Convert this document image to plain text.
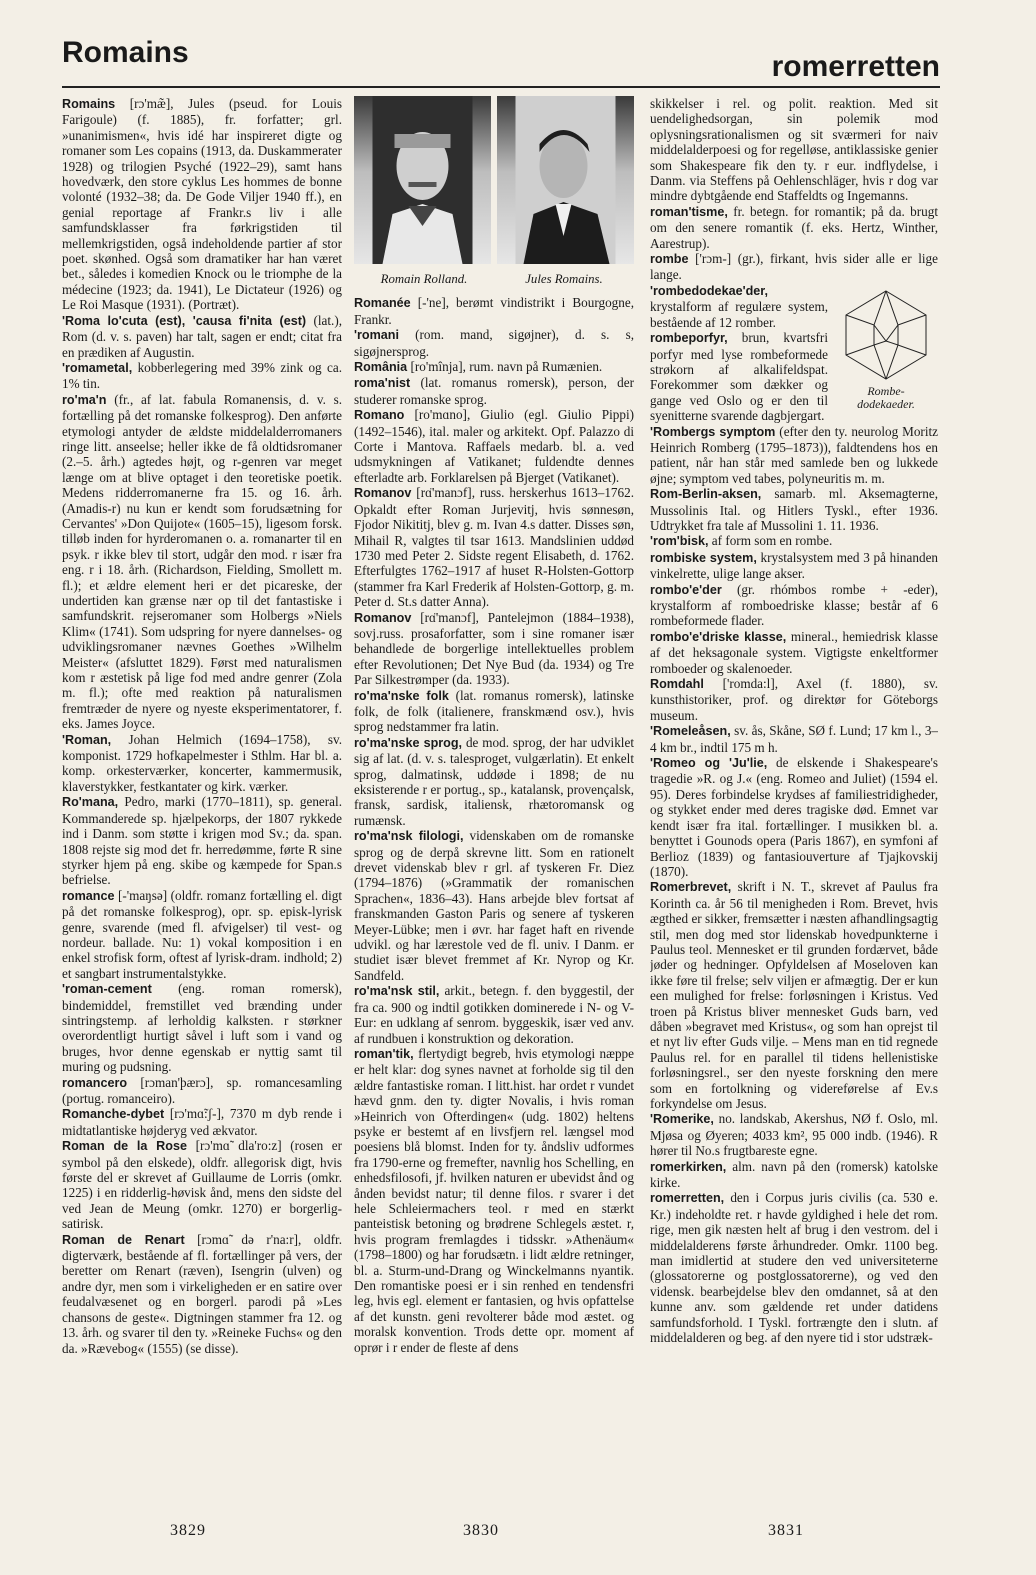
Romains	romerretten

Romains [rɔ'mæ̃], Jules (pseud. for Louis Farigoule) (f. 1885), fr. forfatter; grl. »unanimismen«, hvis idé har inspireret digte og romaner som Les copains (1913, da. Duskammerater 1928) og trilogien Psyché (1922–29), samt hans hovedværk, den store cyklus Les hommes de bonne volonté (1932–38; da. De Gode Viljer 1940 ff.), en genial reportage af Frankr.s liv i alle samfundsklasser fra førkrigstiden til mellemkrigstiden, også indeholdende partier af stor poet. skønhed. Også som dramatiker har han været bet., således i komedien Knock ou le triomphe de la médecine (1923; da. 1941), Le Dictateur (1926) og Le Roi Masque (1931). (Portræt).

'Roma lo'cuta (est), 'causa fi'nita (est) (lat.), Rom (d. v. s. paven) har talt, sagen er endt; citat fra en prædiken af Augustin.

'romametal, kobberlegering med 39% zink og ca. 1% tin.

ro'ma'n (fr., af lat. fabula Romanensis, d. v. s. fortælling på det romanske folkesprog). Den anførte etymologi antyder de ældste middelalderromaners ringe litt. anseelse; heller ikke de få oldtidsromaner (2.–5. årh.) agtedes højt, og r-genren var meget længe om at blive optaget i den teoretiske poetik. Medens ridderromanerne fra 15. og 16. årh. (Amadis-r) nu kun er kendt som forudsætning for Cervantes' »Don Quijote« (1605–15), ligesom forsk. tilløb inden for hyrderomanen o. a. romanarter til en psyk. r ikke blev til stort, udgår den mod. r især fra eng. r i 18. årh. (Richardson, Fielding, Smollett m. fl.); et ældre element heri er det picareske, der undertiden kan grænse nær op til det fantastiske i samfundskrit. rejseromaner som Holbergs »Niels Klim« (1741). Som udspring for nyere dannelses- og udviklingsromaner nævnes Goethes »Wilhelm Meister« (afsluttet 1829). Først med naturalismen kom r æstetisk på lige fod med andre genrer (Zola m. fl.); ofte med reaktion på naturalismen fremtræder de nyere og nyeste eksperimentatorer, f. eks. James Joyce.

'Roman, Johan Helmich (1694–1758), sv. komponist. 1729 hofkapelmester i Sthlm. Har bl. a. komp. orkesterværker, koncerter, kammermusik, klaverstykker, festkantater og kirk. værker.

Ro'mana, Pedro, marki (1770–1811), sp. general. Kommanderede sp. hjælpekorps, der 1807 rykkede ind i Danm. som støtte i krigen mod Sv.; da. span. 1808 rejste sig mod det fr. herredømme, førte R sine styrker hjem på eng. skibe og kæmpede for Span.s befrielse.

romance [-'maŋsə] (oldfr. romanz fortælling el. digt på det romanske folkesprog), opr. sp. episk-lyrisk genre, svarende (med fl. afvigelser) til vest- og nordeur. ballade. Nu: 1) vokal komposition i en enkel strofisk form, oftest af lyrisk-dram. indhold; 2) et sangbart instrumentalstykke.

'roman-cement (eng. roman romersk), bindemiddel, fremstillet ved brænding under sintringstemp. af lerholdig kalksten. r størkner overordentligt hurtigt såvel i luft som i vand og bruges, hvor denne egenskab er nyttig samt til muring og pudsning.

romancero [rɔman'þærɔ], sp. romancesamling (portug. romanceiro).

Romanche-dybet [rɔ'mɑ̃:ʃ-], 7370 m dyb rende i midtatlantiske højderyg ved ækvator.

Roman de la Rose [rɔ'mɑ̃ dla'ro:z] (rosen er symbol på den elskede), oldfr. allegorisk digt, hvis første del er skrevet af Guillaume de Lorris (omkr. 1225) i en ridderlig-høvisk ånd, mens den sidste del ved Jean de Meung (omkr. 1270) er borgerlig-satirisk.

Roman de Renart [rɔmɑ̃ də r'na:r], oldfr. digterværk, bestående af fl. fortællinger på vers, der beretter om Renart (ræven), Isengrin (ulven) og andre dyr, men som i virkeligheden er en satire over feudalvæsenet og en borgerl. parodi på »Les chansons de geste«. Digtningen stammer fra 12. og 13. årh. og svarer til den ty. »Reineke Fuchs« og den da. »Rævebog« (1555) (se disse).

Romain Rolland.	Jules Romains.

Romanée [-'ne], berømt vindistrikt i Bourgogne, Frankr.

'romani (rom. mand, sigøjner), d. s. s, sigøjnersprog.

România [ro'mînja], rum. navn på Rumænien.

roma'nist (lat. romanus romersk), person, der studerer romanske sprog.

Romano [ro'mɑno], Giulio (egl. Giulio Pippi) (1492–1546), ital. maler og arkitekt. Opf. Palazzo di Corte i Mantova. Raffaels medarb. bl. a. ved udsmykningen af Vatikanet; fuldendte dennes efterladte arb. Forklarelsen på Bjerget (Vatikanet).

Romanov [rɑ̈'manɔf], russ. herskerhus 1613–1762. Opkaldt efter Roman Jurjevitj, hvis sønnesøn, Fjodor Nikititj, blev g. m. Ivan 4.s datter. Disses søn, Mihail R, valgtes til tsar 1613. Mandslinien uddød 1730 med Peter 2. Sidste regent Elisabeth, d. 1762. Efterfulgtes 1762–1917 af huset R-Holsten-Gottorp (stammer fra Karl Frederik af Holsten-Gottorp, g. m. Peter d. St.s datter Anna).

Romanov [rɑ̈'manɔf], Pantelejmon (1884–1938), sovj.russ. prosaforfatter, som i sine romaner især behandlede de borgerlige intellektuelles problem efter Revolutionen; Det Nye Bud (da. 1934) og Tre Par Silkestrømper (da. 1933).

ro'ma'nske folk (lat. romanus romersk), latinske folk, de folk (italienere, franskmænd osv.), hvis sprog nedstammer fra latin.

ro'ma'nske sprog, de mod. sprog, der har udviklet sig af lat. (d. v. s. talesproget, vulgærlatin). Et enkelt sprog, dalmatinsk, uddøde i 1898; de nu eksisterende r er portug., sp., katalansk, provençalsk, fransk, sardisk, italiensk, rhætoromansk og rumænsk.

ro'ma'nsk filologi, videnskaben om de romanske sprog og de derpå skrevne litt. Som en rationelt drevet videnskab blev r grl. af tyskeren Fr. Diez (1794–1876) (»Grammatik der romanischen Sprachen«, 1836–43). Hans arbejde blev fortsat af franskmanden Gaston Paris og senere af tyskeren Meyer-Lübke; men i øvr. har faget haft en rivende udvikl. og har lærestole ved de fl. univ. I Danm. er studiet især blevet fremmet af Kr. Nyrop og Kr. Sandfeld.

ro'ma'nsk stil, arkit., betegn. f. den byggestil, der fra ca. 900 og indtil gotikken dominerede i N- og V-Eur: en udklang af senrom. byggeskik, især ved anv. af rundbuen i konstruktion og dekoration.

roman'tik, flertydigt begreb, hvis etymologi næppe er helt klar: dog synes navnet at forholde sig til den ældre fantastiske roman. I litt.hist. har ordet r vundet hævd gnm. den ty. digter Novalis, i hvis roman »Heinrich von Ofterdingen« (udg. 1802) heltens psyke er bestemt af en livsfjern rel. længsel mod poesiens blå blomst. Inden for ty. åndsliv udformes fra 1790-erne og fremefter, navnlig hos Schelling, en enhedsfilosofi, jf. hvilken naturen er ubevidst ånd og ånden bevidst natur; til denne filos. r svarer i det hele Schleiermachers teol. r med en stærkt panteistisk betoning og brødrene Schlegels æstet. r, hvis program fremlagdes i tidsskr. »Athenäum« (1798–1800) og har forudsætn. i lidt ældre retninger, bl. a. Sturm-und-Drang og Winckelmanns nyantik. Den romantiske poesi er i sin renhed en tendensfri leg, hvis egl. element er fantasien, og hvis opfattelse af det kunstn. geni revolterer både mod æstet. og moralsk konvention. Trods dette opr. moment af oprør i r ender de fleste af dens

skikkelser i rel. og polit. reaktion. Med sit uendelighedsorgan, sin polemik mod oplysningsrationalismen og sit sværmeri for naiv middelalderpoesi og for regelløse, antiklassiske genier som Shakespeare fik den ty. r eur. indflydelse, i Danm. via Steffens på Oehlenschläger, hvis r dog var mindre dybtgående end Staffeldts og Ingemanns.

roman'tisme, fr. betegn. for romantik; på da. brugt om den senere romantik (f. eks. Hertz, Winther, Aarestrup).

rombe ['rɔm-] (gr.), firkant, hvis sider alle er lige lange.

Rombe-
dodekaeder.

'rombedodekae'der, krystalform af regulære system, bestående af 12 romber.

rombeporfyr, brun, kvartsfri porfyr med lyse rombeformede strøkorn af alkalifeldspat. Forekommer som dækker og gange ved Oslo og er den til syenitterne svarende dagbjergart.

'Rombergs symptom (efter den ty. neurolog Moritz Heinrich Romberg (1795–1873)), faldtendens hos en patient, når han står med samlede ben og lukkede øjne; symptom ved tabes, polyneuritis m. m.

Rom-Berlin-aksen, samarb. ml. Aksemagterne, Mussolinis Ital. og Hitlers Tyskl., efter 1936. Udtrykket fra tale af Mussolini 1. 11. 1936.

'rom'bisk, af form som en rombe.

rombiske system, krystalsystem med 3 på hinanden vinkelrette, ulige lange akser.

rombo'e'der (gr. rhómbos rombe + -eder), krystalform af romboedriske klasse; består af 6 rombeformede flader.

rombo'e'driske klasse, mineral., hemiedrisk klasse af det heksagonale system. Vigtigste enkeltformer romboeder og skalenoeder.

Romdahl ['romda:l], Axel (f. 1880), sv. kunsthistoriker, prof. og direktør for Göteborgs museum.

'Romeleåsen, sv. ås, Skåne, SØ f. Lund; 17 km l., 3–4 km br., indtil 175 m h.

'Romeo og 'Ju'lie, de elskende i Shakespeare's tragedie »R. og J.« (eng. Romeo and Juliet) (1594 el. 95). Deres forbindelse krydses af familiestridigheder, og stykket ender med deres tragiske død. Emnet var kendt især fra ital. fortællinger. I musikken bl. a. benyttet i Gounods opera (Paris 1867), en symfoni af Berlioz (1839) og fantasiouverture af Tjajkovskij (1870).

Romerbrevet, skrift i N. T., skrevet af Paulus fra Korinth ca. år 56 til menigheden i Rom. Brevet, hvis ægthed er sikker, fremsætter i næsten afhandlingsagtig stil, men dog med stor lidenskab hovedpunkterne i Paulus teol. Mennesket er til grunden fordærvet, både jøder og hedninger. Opfyldelsen af Moseloven kan ikke føre til frelse; selv viljen er afmægtig. Der er kun een mulighed for frelse: forløsningen i Kristus. Ved troen på Kristus bliver mennesket Guds barn, ved dåben »begravet med Kristus«, og som han oprejst til et nyt liv efter Guds vilje. – Mens man en tid regnede Paulus rel. for en parallel til tidens hellenistiske forløsningsrel., ser den nyeste forskning den mere som en fortolkning og videreførelse af Ev.s forkyndelse om Jesus.

'Romerike, no. landskab, Akershus, NØ f. Oslo, ml. Mjøsa og Øyeren; 4033 km², 95 000 indb. (1946). R hører til No.s frugtbareste egne.

romerkirken, alm. navn på den (romersk) katolske kirke.

romerretten, den i Corpus juris civilis (ca. 530 e. Kr.) indeholdte ret. r havde gyldighed i hele det rom. rige, men gik næsten helt af brug i den vestrom. del i middelalderens første århundreder. Omkr. 1100 beg. man imidlertid at studere den ved universiteterne (glossatorerne og postglossatorerne), og ved den vidensk. bearbejdelse blev den omdannet, så at den kunne anv. som gældende ret under datidens samfundsforhold. I Tyskl. fortrængte den i slutn. af middelalderen og beg. af den nyere tid i stor udstræk-

3829	3830	3831
